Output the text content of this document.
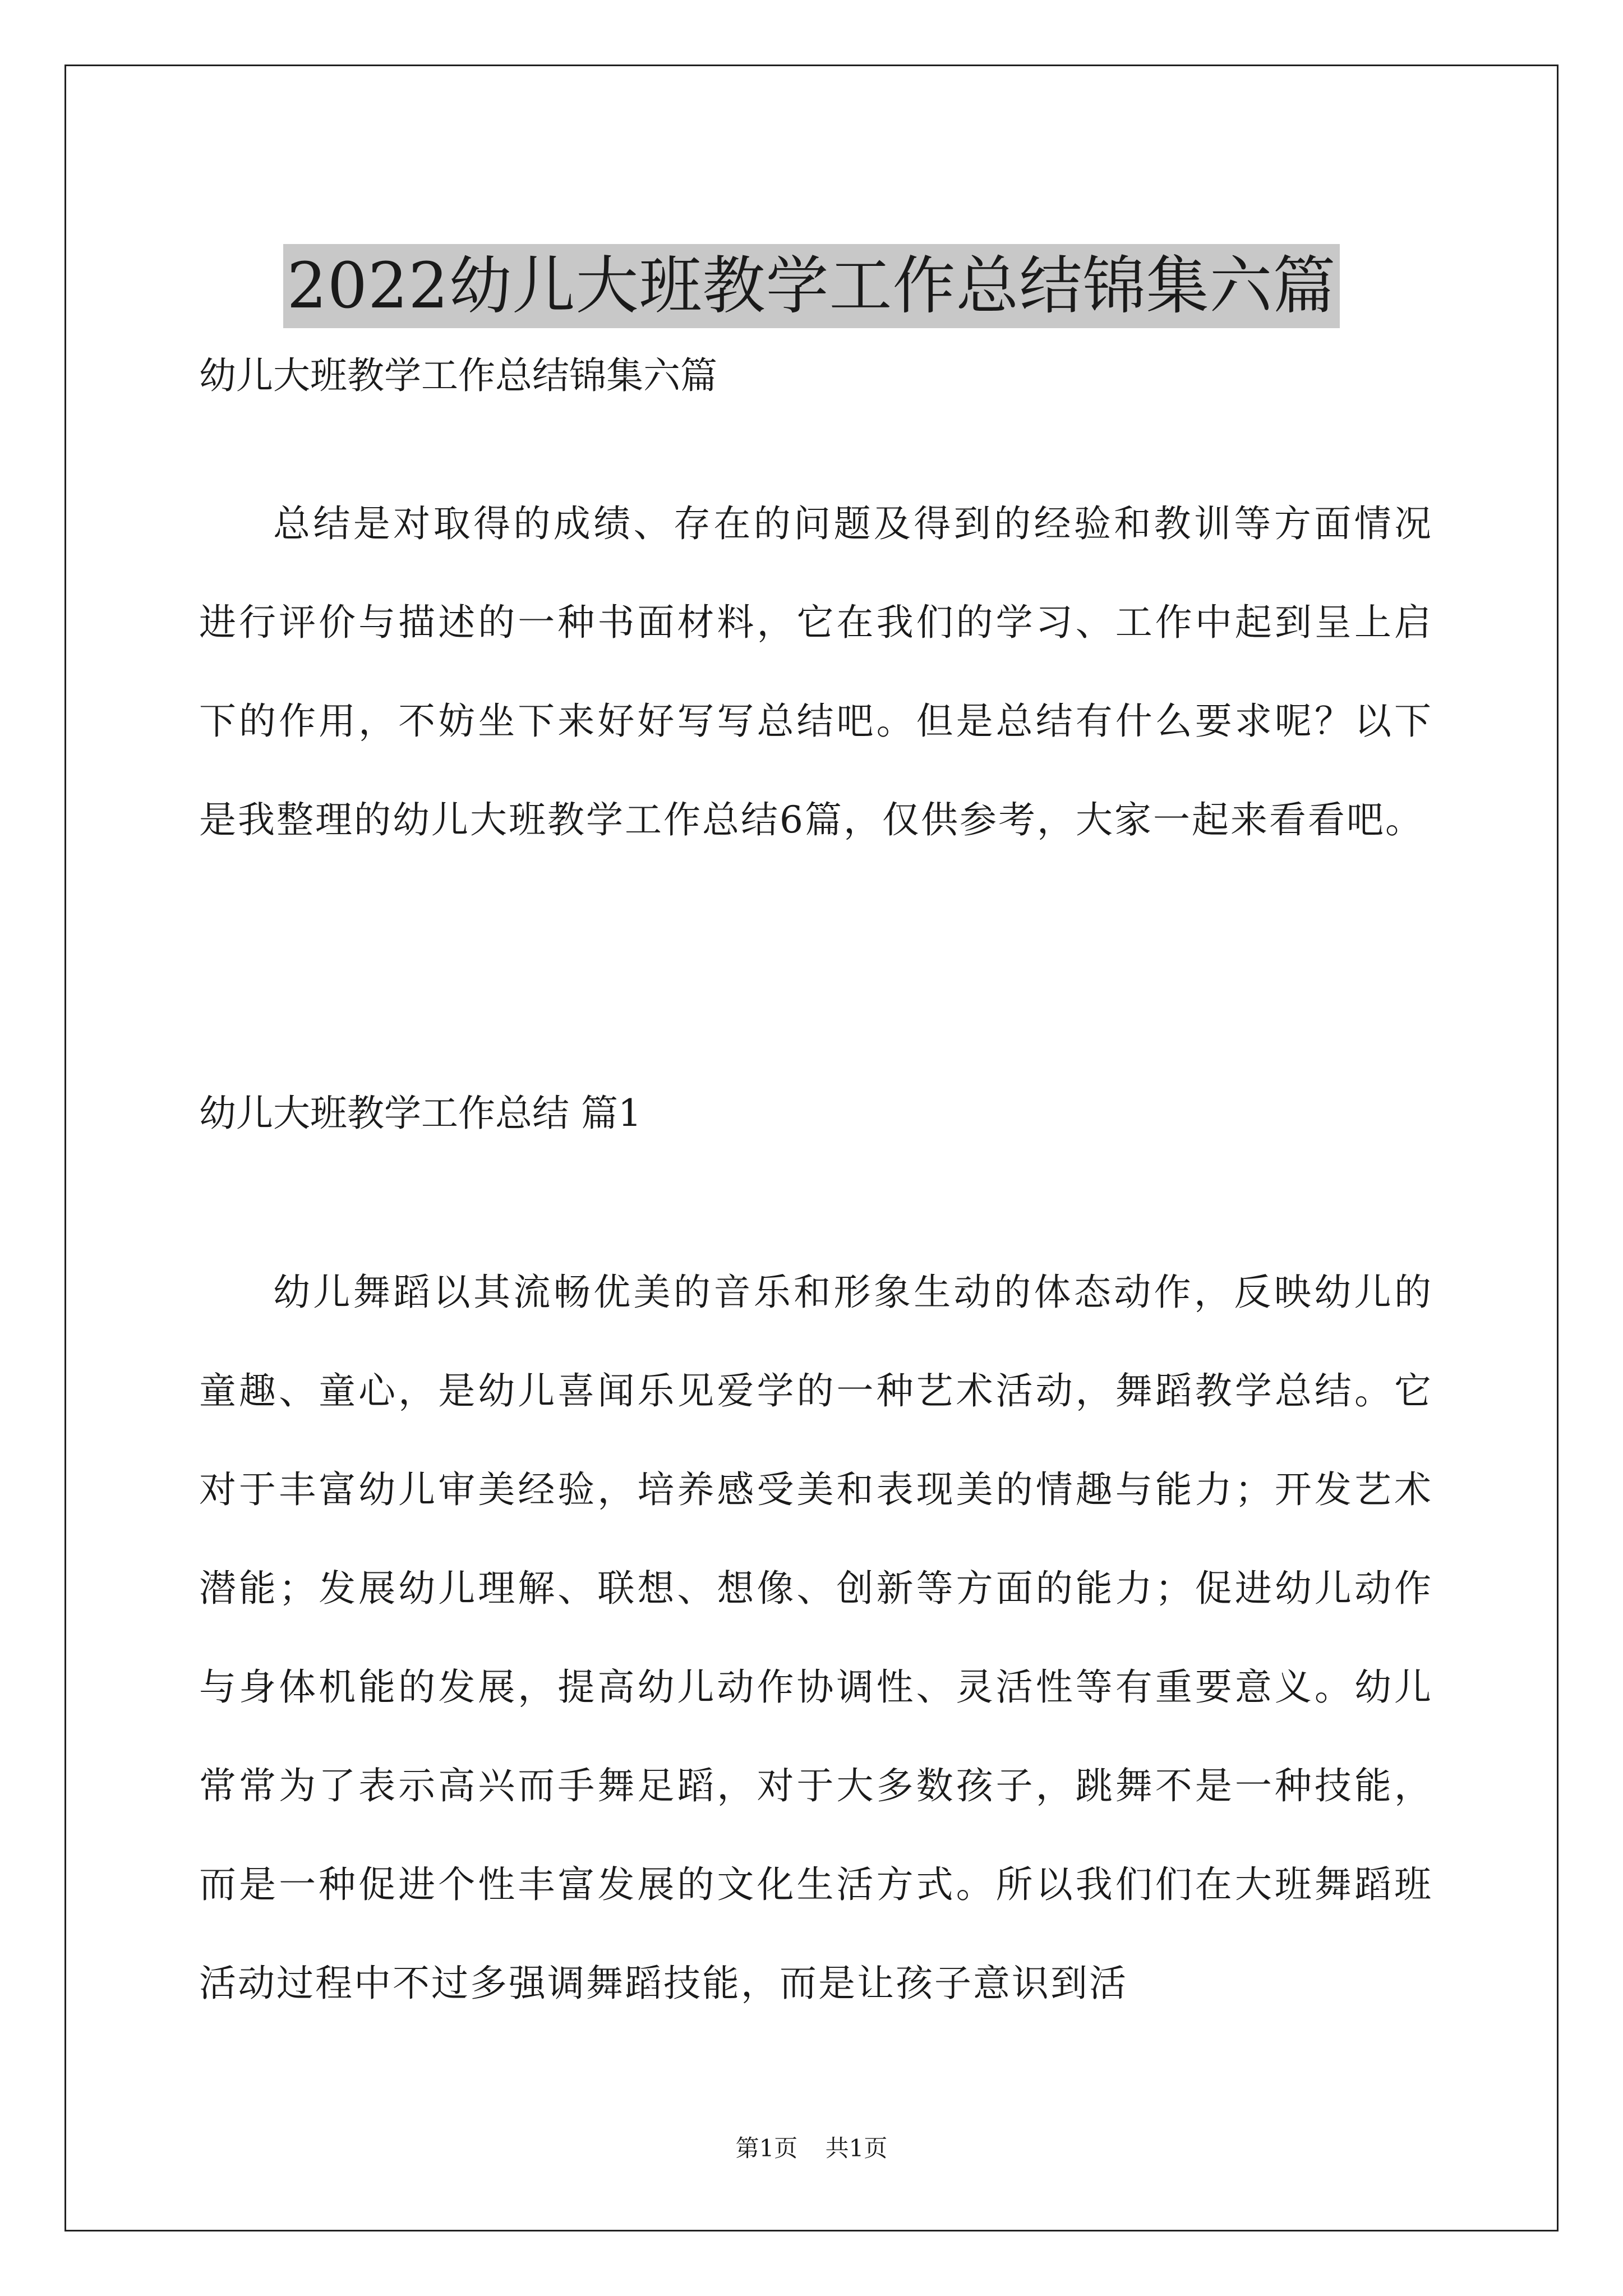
2022幼儿大班教学工作总结锦集六篇
幼儿大班教学工作总结锦集六篇

总结是对取得的成绩、存在的问题及得到的经验和教训等方面情况进行评价与描述的一种书面材料，它在我们的学习、工作中起到呈上启下的作用，不妨坐下来好好写写总结吧。但是总结有什么要求呢？以下是我整理的幼儿大班教学工作总结6篇，仅供参考，大家一起来看看吧。

幼儿大班教学工作总结 篇1

幼儿舞蹈以其流畅优美的音乐和形象生动的体态动作，反映幼儿的童趣、童心，是幼儿喜闻乐见爱学的一种艺术活动，舞蹈教学总结。它对于丰富幼儿审美经验，培养感受美和表现美的情趣与能力；开发艺术潜能；发展幼儿理解、联想、想像、创新等方面的能力；促进幼儿动作与身体机能的发展，提高幼儿动作协调性、灵活性等有重要意义。幼儿常常为了表示高兴而手舞足蹈，对于大多数孩子，跳舞不是一种技能，而是一种促进个性丰富发展的文化生活方式。所以我们们在大班舞蹈班活动过程中不过多强调舞蹈技能，而是让孩子意识到活

第1页 共1页
